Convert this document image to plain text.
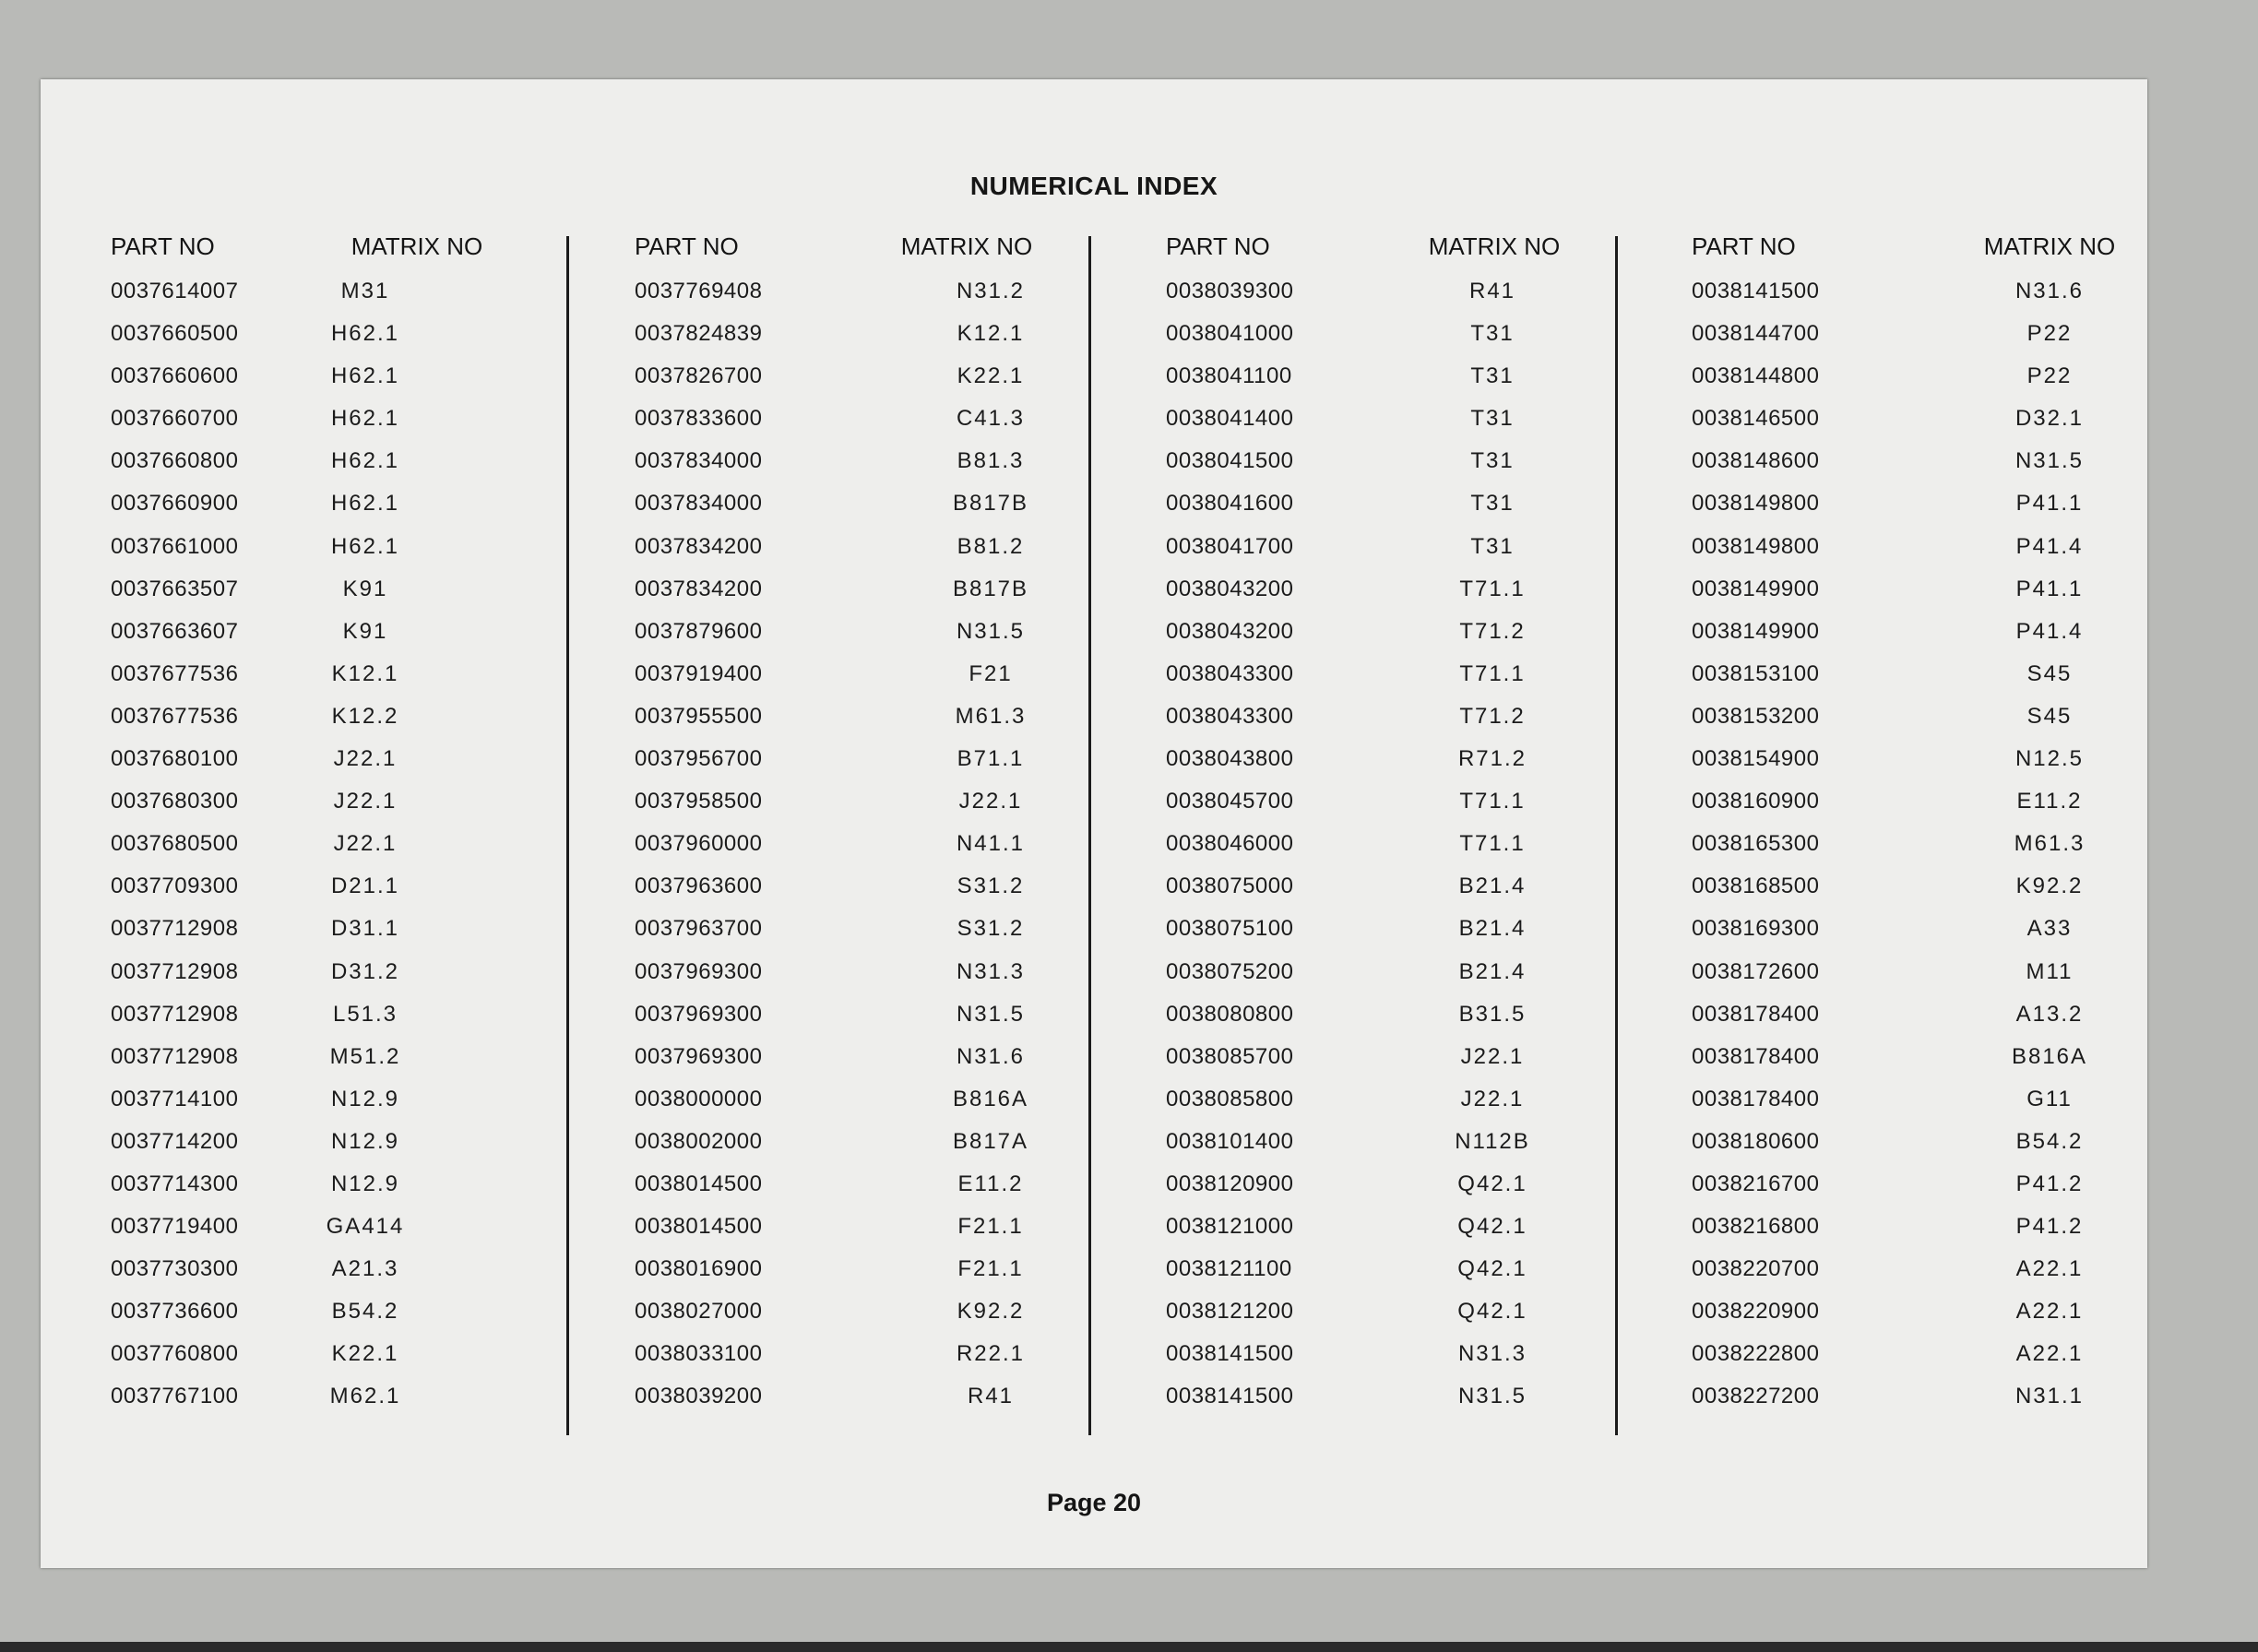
NUMERICAL INDEX
PART NO	MATRIX NO
0037614007	M31
0037660500	H62.1
0037660600	H62.1
0037660700	H62.1
0037660800	H62.1
0037660900	H62.1
0037661000	H62.1
0037663507	K91
0037663607	K91
0037677536	K12.1
0037677536	K12.2
0037680100	J22.1
0037680300	J22.1
0037680500	J22.1
0037709300	D21.1
0037712908	D31.1
0037712908	D31.2
0037712908	L51.3
0037712908	M51.2
0037714100	N12.9
0037714200	N12.9
0037714300	N12.9
0037719400	GA414
0037730300	A21.3
0037736600	B54.2
0037760800	K22.1
0037767100	M62.1
PART NO	MATRIX NO
0037769408	N31.2
0037824839	K12.1
0037826700	K22.1
0037833600	C41.3
0037834000	B81.3
0037834000	B817B
0037834200	B81.2
0037834200	B817B
0037879600	N31.5
0037919400	F21
0037955500	M61.3
0037956700	B71.1
0037958500	J22.1
0037960000	N41.1
0037963600	S31.2
0037963700	S31.2
0037969300	N31.3
0037969300	N31.5
0037969300	N31.6
0038000000	B816A
0038002000	B817A
0038014500	E11.2
0038014500	F21.1
0038016900	F21.1
0038027000	K92.2
0038033100	R22.1
0038039200	R41
PART NO	MATRIX NO
0038039300	R41
0038041000	T31
0038041100	T31
0038041400	T31
0038041500	T31
0038041600	T31
0038041700	T31
0038043200	T71.1
0038043200	T71.2
0038043300	T71.1
0038043300	T71.2
0038043800	R71.2
0038045700	T71.1
0038046000	T71.1
0038075000	B21.4
0038075100	B21.4
0038075200	B21.4
0038080800	B31.5
0038085700	J22.1
0038085800	J22.1
0038101400	N112B
0038120900	Q42.1
0038121000	Q42.1
0038121100	Q42.1
0038121200	Q42.1
0038141500	N31.3
0038141500	N31.5
PART NO	MATRIX NO
0038141500	N31.6
0038144700	P22
0038144800	P22
0038146500	D32.1
0038148600	N31.5
0038149800	P41.1
0038149800	P41.4
0038149900	P41.1
0038149900	P41.4
0038153100	S45
0038153200	S45
0038154900	N12.5
0038160900	E11.2
0038165300	M61.3
0038168500	K92.2
0038169300	A33
0038172600	M11
0038178400	A13.2
0038178400	B816A
0038178400	G11
0038180600	B54.2
0038216700	P41.2
0038216800	P41.2
0038220700	A22.1
0038220900	A22.1
0038222800	A22.1
0038227200	N31.1
Page 20
